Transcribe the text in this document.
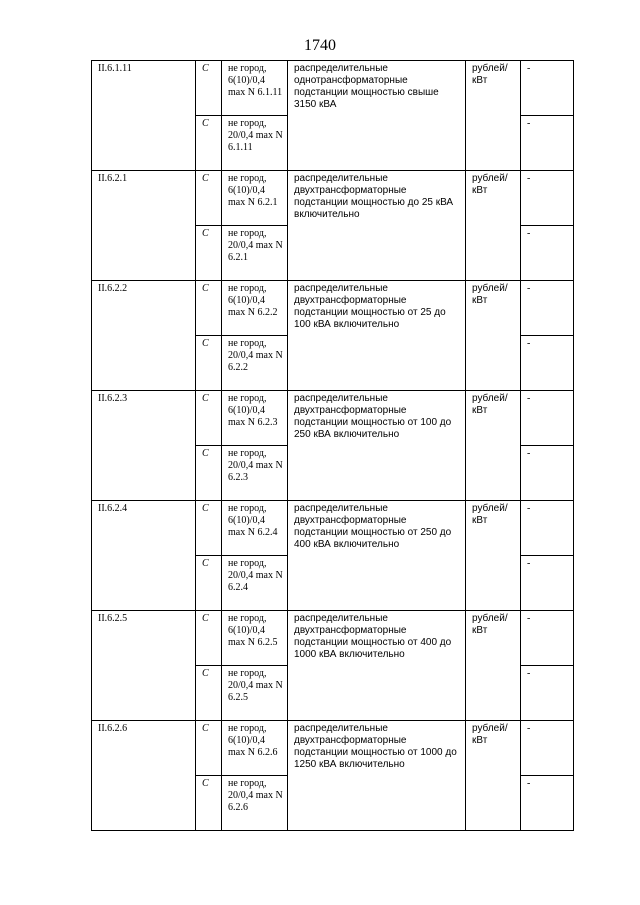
1740
II.6.1.11	С	не город, 6(10)/0,4 max N 6.1.11	распределительные однотрансформаторные подстанции мощностью свыше 3150 кВА	рублей/ кВт	-
	С	не город, 20/0,4 max N 6.1.11			-
II.6.2.1	С	не город, 6(10)/0,4 max N 6.2.1	распределительные двухтрансформаторные подстанции мощностью до 25 кВА включительно	рублей/ кВт	-
	С	не город, 20/0,4 max N 6.2.1			-
II.6.2.2	С	не город, 6(10)/0,4 max N 6.2.2	распределительные двухтрансформаторные подстанции мощностью от 25 до 100 кВА включительно	рублей/ кВт	-
	С	не город, 20/0,4 max N 6.2.2			-
II.6.2.3	С	не город, 6(10)/0,4 max N 6.2.3	распределительные двухтрансформаторные подстанции мощностью от 100 до 250 кВА включительно	рублей/ кВт	-
	С	не город, 20/0,4 max N 6.2.3			-
II.6.2.4	С	не город, 6(10)/0,4 max N 6.2.4	распределительные двухтрансформаторные подстанции мощностью от 250 до 400 кВА включительно	рублей/ кВт	-
	С	не город, 20/0,4 max N 6.2.4			-
II.6.2.5	С	не город, 6(10)/0,4 max N 6.2.5	распределительные двухтрансформаторные подстанции мощностью от 400 до 1000 кВА включительно	рублей/ кВт	-
	С	не город, 20/0,4 max N 6.2.5			-
II.6.2.6	С	не город, 6(10)/0,4 max N 6.2.6	распределительные двухтрансформаторные подстанции мощностью от 1000 до 1250 кВА включительно	рублей/ кВт	-
	С	не город, 20/0,4 max N 6.2.6			-
